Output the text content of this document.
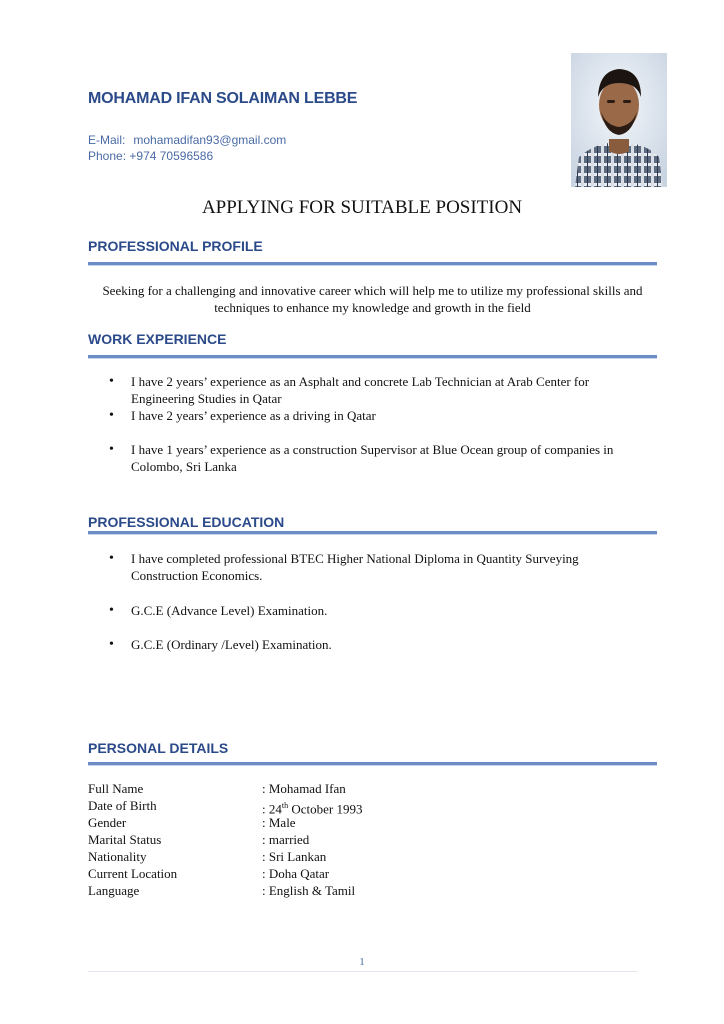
MOHAMAD IFAN SOLAIMAN LEBBE
E-Mail: mohamadifan93@gmail.com
Phone: +974 70596586
APPLYING FOR SUITABLE POSITION
PROFESSIONAL PROFILE
Seeking for a challenging and innovative career which will help me to utilize my professional skills and techniques to enhance my knowledge and growth in the field
WORK EXPERIENCE
• I have 2 years’ experience as an Asphalt and concrete Lab Technician at Arab Center for Engineering Studies in Qatar
• I have 2 years’ experience as a driving in Qatar
• I have 1 years’ experience as a construction Supervisor at Blue Ocean group of companies in Colombo, Sri Lanka
PROFESSIONAL EDUCATION
• I have completed professional BTEC Higher National Diploma in Quantity Surveying Construction Economics.
• G.C.E (Advance Level) Examination.
• G.C.E (Ordinary /Level) Examination.
PERSONAL DETAILS
Full Name	: Mohamad Ifan
Date of Birth	: 24th October 1993
Gender	: Male
Marital Status	: married
Nationality	: Sri Lankan
Current Location	: Doha Qatar
Language	: English & Tamil
1
